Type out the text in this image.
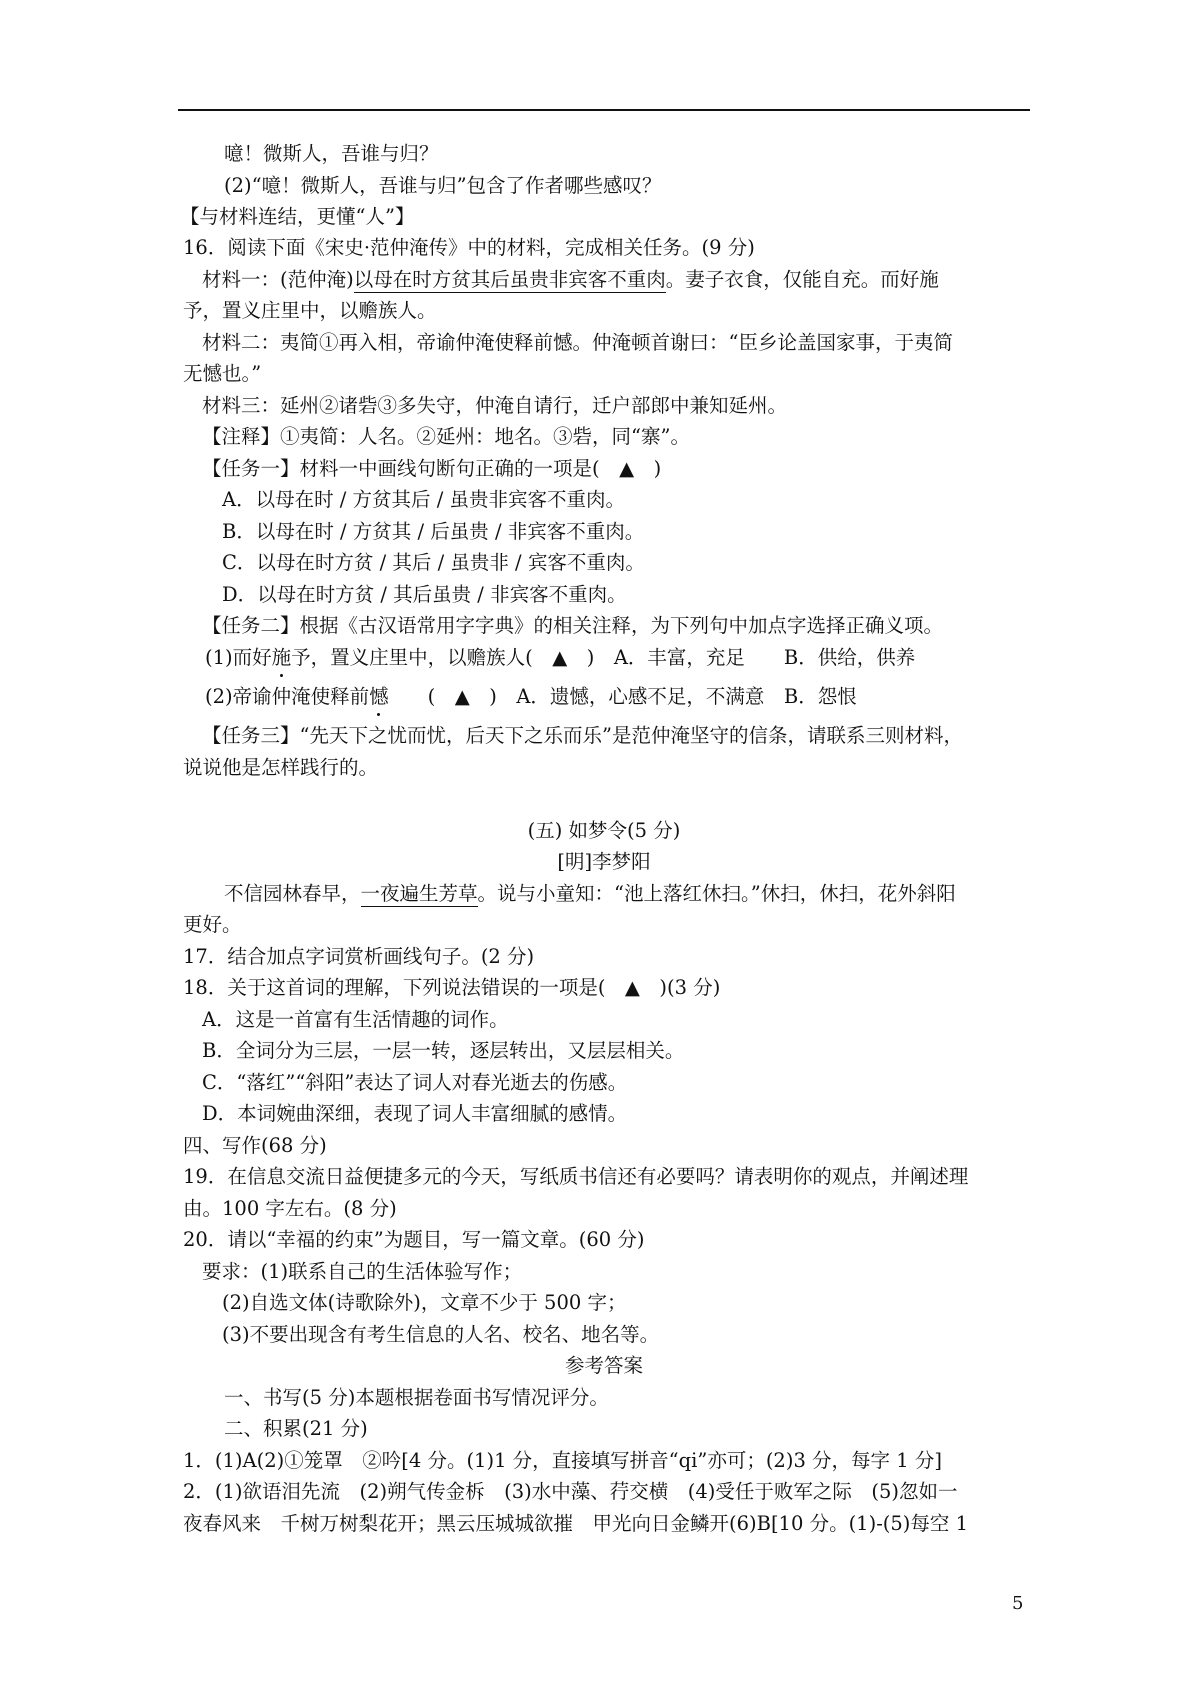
噫！微斯人，吾谁与归？
(2)“噫！微斯人，吾谁与归”包含了作者哪些感叹？
【与材料连结，更懂“人”】
16．阅读下面《宋史·范仲淹传》中的材料，完成相关任务。(9 分)
材料一：(范仲淹)以母在时方贫其后虽贵非宾客不重肉。妻子衣食，仅能自充。而好施
予，置义庄里中，以赡族人。
材料二：夷简①再入相，帝谕仲淹使释前憾。仲淹顿首谢曰：“臣乡论盖国家事，于夷简
无憾也。”
材料三：延州②诸砦③多失守，仲淹自请行，迁户部郎中兼知延州。
【注释】①夷简：人名。②延州：地名。③砦，同“寨”。
【任务一】材料一中画线句断句正确的一项是(　▲　)
A．以母在时 / 方贫其后 / 虽贵非宾客不重肉。
B．以母在时 / 方贫其 / 后虽贵 / 非宾客不重肉。
C．以母在时方贫 / 其后 / 虽贵非 / 宾客不重肉。
D．以母在时方贫 / 其后虽贵 / 非宾客不重肉。
【任务二】根据《古汉语常用字字典》的相关注释，为下列句中加点字选择正确义项。
(1)而好施予，置义庄里中，以赡族人(　▲　)　A．丰富，充足　　B．供给，供养
(2)帝谕仲淹使释前憾　　(　▲　)　A．遗憾，心感不足，不满意　B．怨恨
【任务三】“先天下之忧而忧，后天下之乐而乐”是范仲淹坚守的信条，请联系三则材料，
说说他是怎样践行的。
(五) 如梦令(5 分)
[明]李梦阳
不信园林春早，一夜遍生芳草。说与小童知：“池上落红休扫。”休扫，休扫，花外斜阳
更好。
17．结合加点字词赏析画线句子。(2 分)
18．关于这首词的理解，下列说法错误的一项是(　▲　)(3 分)
A．这是一首富有生活情趣的词作。
B．全词分为三层，一层一转，逐层转出，又层层相关。
C．“落红”“斜阳”表达了词人对春光逝去的伤感。
D．本词婉曲深细，表现了词人丰富细腻的感情。
四、写作(68 分)
19．在信息交流日益便捷多元的今天，写纸质书信还有必要吗？请表明你的观点，并阐述理
由。100 字左右。(8 分)
20．请以“幸福的约束”为题目，写一篇文章。(60 分)
要求：(1)联系自己的生活体验写作；
(2)自选文体(诗歌除外)，文章不少于 500 字；
(3)不要出现含有考生信息的人名、校名、地名等。
参考答案
一、书写(5 分)本题根据卷面书写情况评分。
二、积累(21 分)
1．(1)A(2)①笼罩　②吟[4 分。(1)1 分，直接填写拼音“qi”亦可；(2)3 分，每字 1 分]
2．(1)欲语泪先流　(2)朔气传金柝　(3)水中藻、荇交横　(4)受任于败军之际　(5)忽如一
夜春风来　千树万树梨花开；黑云压城城欲摧　甲光向日金鳞开(6)B[10 分。(1)-(5)每空 1
5
